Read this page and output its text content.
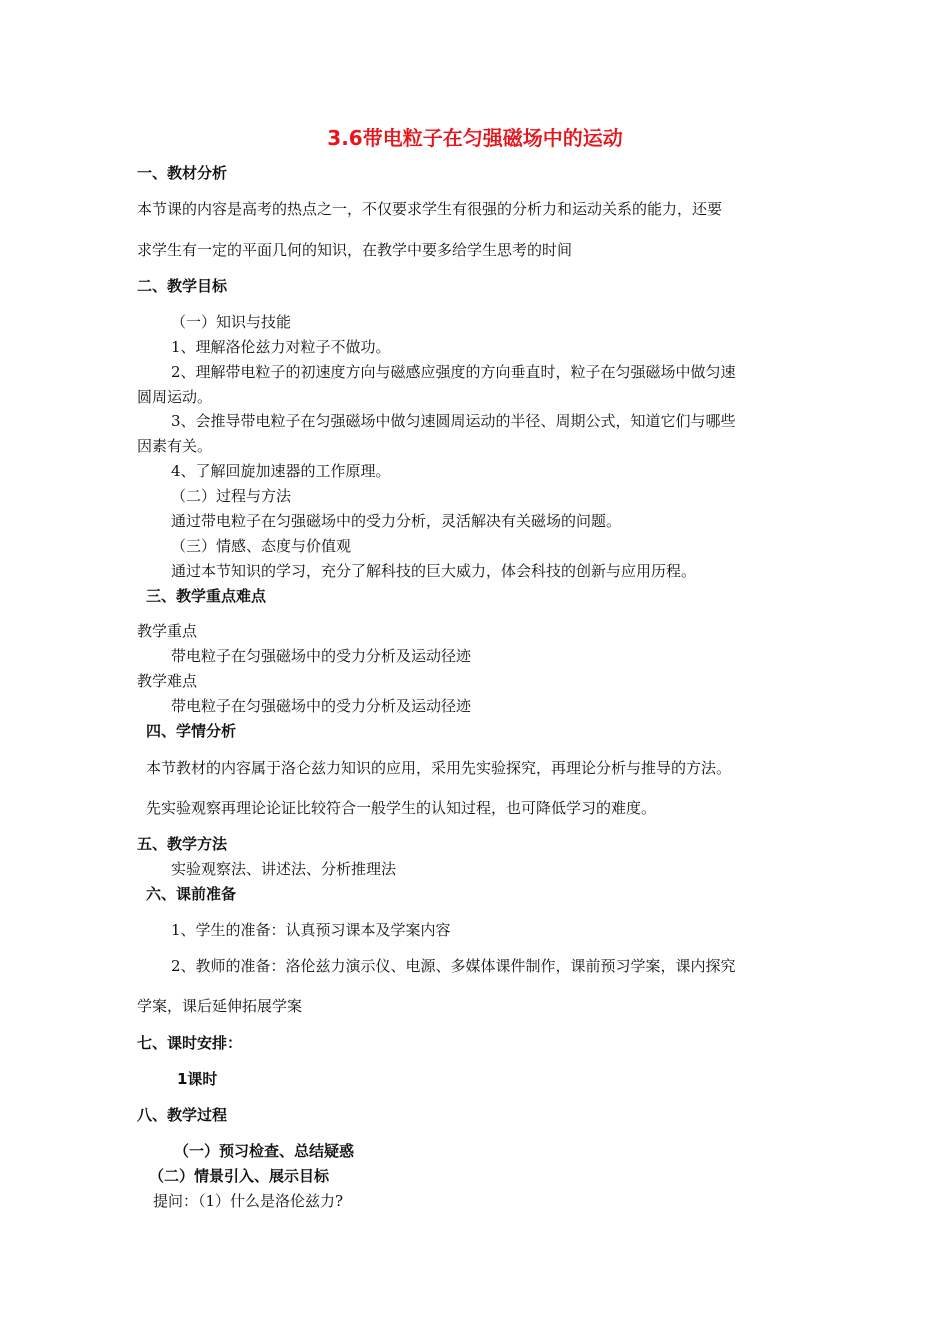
3.6带电粒子在匀强磁场中的运动
一、教材分析
本节课的内容是高考的热点之一，不仅要求学生有很强的分析力和运动关系的能力，还要
求学生有一定的平面几何的知识，在教学中要多给学生思考的时间
二、教学目标
（一）知识与技能
1、理解洛伦兹力对粒子不做功。
2、理解带电粒子的初速度方向与磁感应强度的方向垂直时，粒子在匀强磁场中做匀速
圆周运动。
3、会推导带电粒子在匀强磁场中做匀速圆周运动的半径、周期公式，知道它们与哪些
因素有关。
4、了解回旋加速器的工作原理。
（二）过程与方法
通过带电粒子在匀强磁场中的受力分析，灵活解决有关磁场的问题。
（三）情感、态度与价值观
通过本节知识的学习，充分了解科技的巨大威力，体会科技的创新与应用历程。
三、教学重点难点
教学重点
带电粒子在匀强磁场中的受力分析及运动径迹
教学难点
带电粒子在匀强磁场中的受力分析及运动径迹
四、学情分析
本节教材的内容属于洛仑兹力知识的应用，采用先实验探究，再理论分析与推导的方法。
先实验观察再理论论证比较符合一般学生的认知过程，也可降低学习的难度。
五、教学方法
实验观察法、讲述法、分析推理法
六、课前准备
1、学生的准备：认真预习课本及学案内容
2、教师的准备：洛伦兹力演示仪、电源、多媒体课件制作，课前预习学案，课内探究
学案，课后延伸拓展学案
七、课时安排：
1课时
八、教学过程
（一）预习检查、总结疑惑
（二）情景引入、展示目标
提问：（1）什么是洛伦兹力?
